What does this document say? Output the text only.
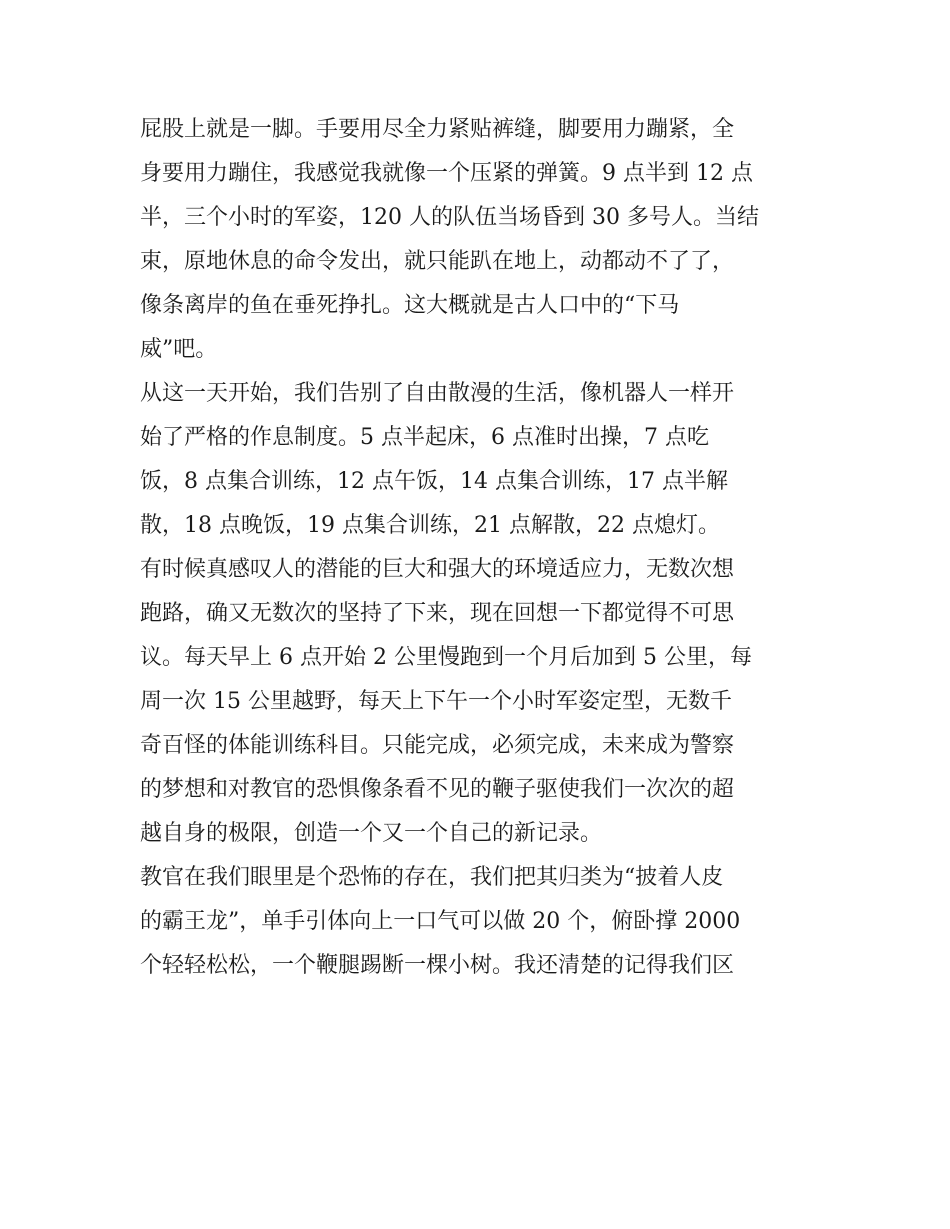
屁股上就是一脚。手要用尽全力紧贴裤缝，脚要用力蹦紧，全
身要用力蹦住，我感觉我就像一个压紧的弹簧。9 点半到 12 点
半，三个小时的军姿，120 人的队伍当场昏到 30 多号人。当结
束，原地休息的命令发出，就只能趴在地上，动都动不了了，
像条离岸的鱼在垂死挣扎。这大概就是古人口中的“下马
威”吧。
从这一天开始，我们告别了自由散漫的生活，像机器人一样开
始了严格的作息制度。5 点半起床，6 点准时出操，7 点吃
饭，8 点集合训练，12 点午饭，14 点集合训练，17 点半解
散，18 点晚饭，19 点集合训练，21 点解散，22 点熄灯。
有时候真感叹人的潜能的巨大和强大的环境适应力，无数次想
跑路，确又无数次的坚持了下来，现在回想一下都觉得不可思
议。每天早上 6 点开始 2 公里慢跑到一个月后加到 5 公里，每
周一次 15 公里越野，每天上下午一个小时军姿定型，无数千
奇百怪的体能训练科目。只能完成，必须完成，未来成为警察
的梦想和对教官的恐惧像条看不见的鞭子驱使我们一次次的超
越自身的极限，创造一个又一个自己的新记录。
教官在我们眼里是个恐怖的存在，我们把其归类为“披着人皮
的霸王龙”，单手引体向上一口气可以做 20 个，俯卧撑 2000
个轻轻松松，一个鞭腿踢断一棵小树。我还清楚的记得我们区
